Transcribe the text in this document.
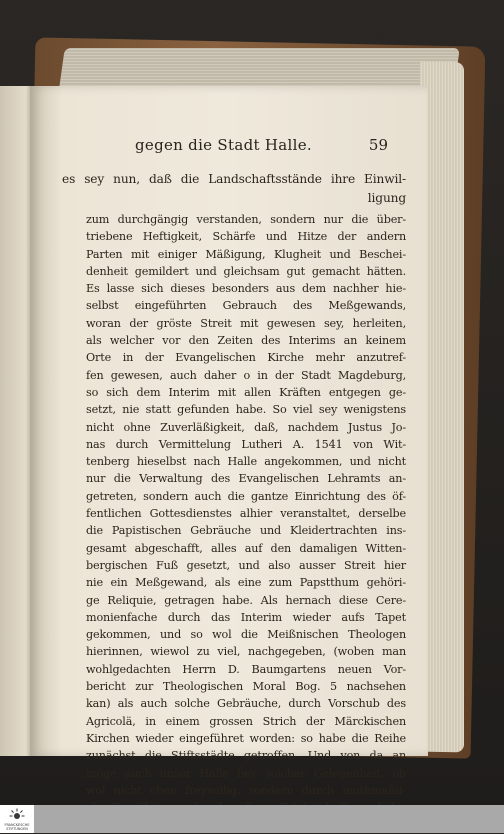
gegen die Stadt Halle.	59
es sey nun, daß die Landschaftsstände ihre Einwil-
ligung
zum durchgängig verstanden, sondern nur die über-
triebene Heftigkeit, Schärfe und Hitze der andern
Parten mit einiger Mäßigung, Klugheit und Beschei-
denheit gemildert und gleichsam gut gemacht hätten.
Es lasse sich dieses besonders aus dem nachher hie-
selbst eingeführten Gebrauch des Meßgewands,
woran der gröste Streit mit gewesen sey, herleiten,
als welcher vor den Zeiten des Interims an keinem
Orte in der Evangelischen Kirche mehr anzutref-
fen gewesen, auch daher o in der Stadt Magdeburg,
so sich dem Interim mit allen Kräften entgegen ge-
setzt, nie statt gefunden habe. So viel sey wenigstens
nicht ohne Zuverläßigkeit, daß, nachdem Justus Jo-
nas durch Vermittelung Lutheri A. 1541 von Wit-
tenberg hieselbst nach Halle angekommen, und nicht
nur die Verwaltung des Evangelischen Lehramts an-
getreten, sondern auch die gantze Einrichtung des öf-
fentlichen Gottesdienstes alhier veranstaltet, derselbe
die Papistischen Gebräuche und Kleidertrachten ins-
gesamt abgeschafft, alles auf den damaligen Witten-
bergischen Fuß gesetzt, und also ausser Streit hier
nie ein Meßgewand, als eine zum Papstthum gehöri-
ge Reliquie, getragen habe. Als hernach diese Cere-
monienfache durch das Interim wieder aufs Tapet
gekommen, und so wol die Meißnischen Theologen
hierinnen, wiewol zu viel, nachgegeben, (woben man
wohlgedachten Herrn D. Baumgartens neuen Vor-
bericht zur Theologischen Moral Bog. 5 nachsehen
kan) als auch solche Gebräuche, durch Vorschub des
Agricolä, in einem grossen Strich der Märckischen
Kirchen wieder eingeführet worden: so habe die Reihe
zunächst die Stiftsstädte getroffen. Und von da an
möge auch unser Halle bey solcher Gelegenheit, ob
wol nicht eben freywillig, sondern durch muthmaßli-
FRANCKESCHE STIFTUNGEN
